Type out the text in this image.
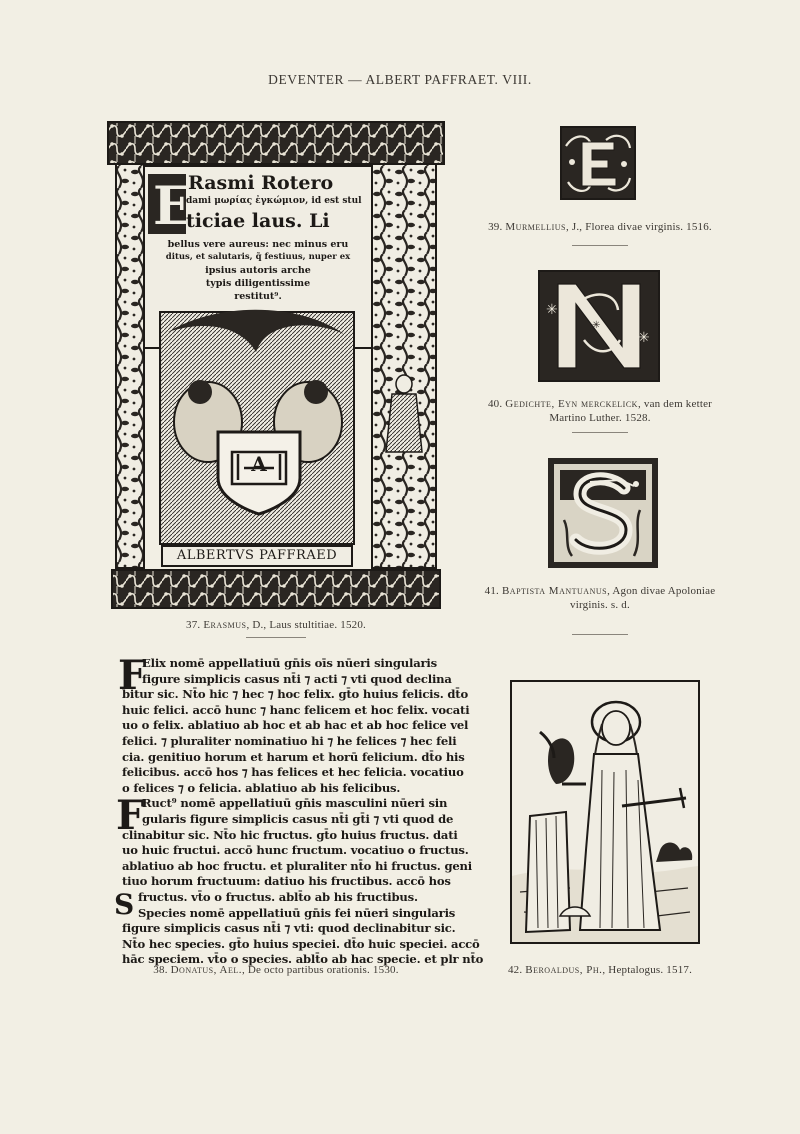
DEVENTER — ALBERT PAFFRAET. VIII.
E
Rasmi Rotero
dami μωρίας ἐγκώμιον, id est stul
ticiae laus. Li
bellus vere aureus: nec minus eru
ditus, et salutaris, q̃ festiuus, nuper ex
ipsius autoris arche
typis diligentissime
restitut⁹.
A
ALBERTVS PAFFRAED
37. Erasmus, D., Laus stultitiae. 1520.
F
F
S
Elix nomē appellatiuū gn̄is oīs nūeri singularis
figure simplicis casus nt̄i ⁊ acti ⁊ vti quod declina
bitur sic. Nt̄o hic ⁊ hec ⁊ hoc felix. gt̄o huius felicis. dt̄o
huic felici. accō hunc ⁊ hanc felicem et hoc felix. vocati
uo o felix. ablatiuo ab hoc et ab hac et ab hoc felice vel
felici. ⁊ pluraliter nominatiuo hi ⁊ he felices ⁊ hec feli
cia. genitiuo horum et harum et horū felicium. dt̄o his
felicibus. accō hos ⁊ has felices et hec felicia. vocatiuo
o felices ⁊ o felicia. ablatiuo ab his felicibus.
Ruct⁹ nomē appellatiuū gn̄is masculini nūeri sin
gularis figure simplicis casus nt̄i gt̄i ⁊ vti quod de
clinabitur sic. Nt̄o hic fructus. gt̄o huius fructus. dati
uo huic fructui. accō hunc fructum. vocatiuo o fructus.
ablatiuo ab hoc fructu. et pluraliter nt̄o hi fructus. geni
tiuo horum fructuum: datiuo his fructibus. accō hos
fructus. vt̄o o fructus. ablt̄o ab his fructibus.
Species nomē appellatiuū gn̄is fei nūeri singularis
figure simplicis casus nt̄i ⁊ vti: quod declinabitur sic.
Nt̄o hec species. gt̄o huius speciei. dt̄o huic speciei. accō
hāc speciem. vt̄o o species. ablt̄o ab hac specie. et plr nt̄o
38. Donatus, Ael., De octo partibus orationis. 1530.
39. Murmellius, J., Florea divae virginis. 1516.
✳
✳
✳
40. Gedichte, Eyn merckelick, van dem ketter
Martino Luther. 1528.
41. Baptista Mantuanus, Agon divae Apoloniae
virginis. s. d.
42. Beroaldus, Ph., Heptalogus. 1517.
